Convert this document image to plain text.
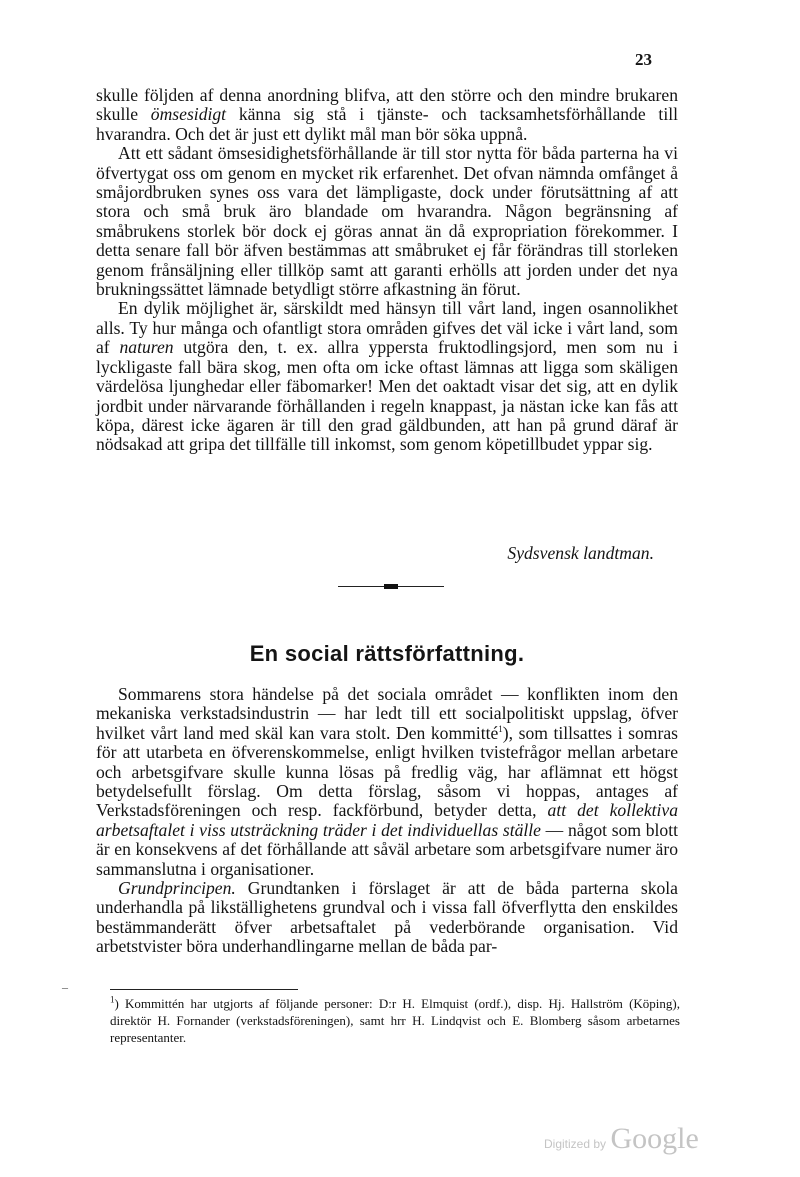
23

skulle följden af denna anordning blifva, att den större och den mindre brukaren skulle ömsesidigt känna sig stå i tjänste- och tacksamhetsförhållande till hvarandra. Och det är just ett dylikt mål man bör söka uppnå.

Att ett sådant ömsesidighetsförhållande är till stor nytta för båda parterna ha vi öfvertygat oss om genom en mycket rik erfarenhet. Det ofvan nämnda omfånget å småjordbruken synes oss vara det lämpligaste, dock under förutsättning af att stora och små bruk äro blandade om hvarandra. Någon begränsning af småbrukens storlek bör dock ej göras annat än då expropriation förekommer. I detta senare fall bör äfven bestämmas att småbruket ej får förändras till storleken genom frånsäljning eller tillköp samt att garanti erhölls att jorden under det nya brukningssättet lämnade betydligt större afkastning än förut.

En dylik möjlighet är, särskildt med hänsyn till vårt land, ingen osannolikhet alls. Ty hur många och ofantligt stora områden gifves det väl icke i vårt land, som af naturen utgöra den, t. ex. allra yppersta fruktodlingsjord, men som nu i lyckligaste fall bära skog, men ofta om icke oftast lämnas att ligga som skäligen värdelösa ljunghedar eller fäbomarker! Men det oaktadt visar det sig, att en dylik jordbit under närvarande förhållanden i regeln knappast, ja nästan icke kan fås att köpa, därest icke ägaren är till den grad gäldbunden, att han på grund däraf är nödsakad att gripa det tillfälle till inkomst, som genom köpetillbudet yppar sig.

Sydsvensk landtman.

En social rättsförfattning.

Sommarens stora händelse på det sociala området — konflikten inom den mekaniska verkstadsindustrin — har ledt till ett socialpolitiskt uppslag, öfver hvilket vårt land med skäl kan vara stolt. Den kommitté$^1$), som tillsattes i somras för att utarbeta en öfverenskommelse, enligt hvilken tvistefrågor mellan arbetare och arbetsgifvare skulle kunna lösas på fredlig väg, har aflämnat ett högst betydelsefullt förslag. Om detta förslag, såsom vi hoppas, antages af Verkstadsföreningen och resp. fackförbund, betyder detta, att det kollektiva arbetsaftalet i viss utsträckning träder i det individuellas ställe — något som blott är en konsekvens af det förhållande att såväl arbetare som arbetsgifvare numer äro sammanslutna i organisationer.

Grundprincipen. Grundtanken i förslaget är att de båda parterna skola underhandla på likställighetens grundval och i vissa fall öfverflytta den enskildes bestämmanderätt öfver arbetsaftalet på vederbörande organisation. Vid arbetstvister böra underhandlingarne mellan de båda par-

–

$^1$) Kommittén har utgjorts af följande personer: D:r H. Elmquist (ordf.), disp. Hj. Hallström (Köping), direktör H. Fornander (verkstadsföreningen), samt hrr H. Lindqvist och E. Blomberg såsom arbetarnes representanter.

Digitized by Google
